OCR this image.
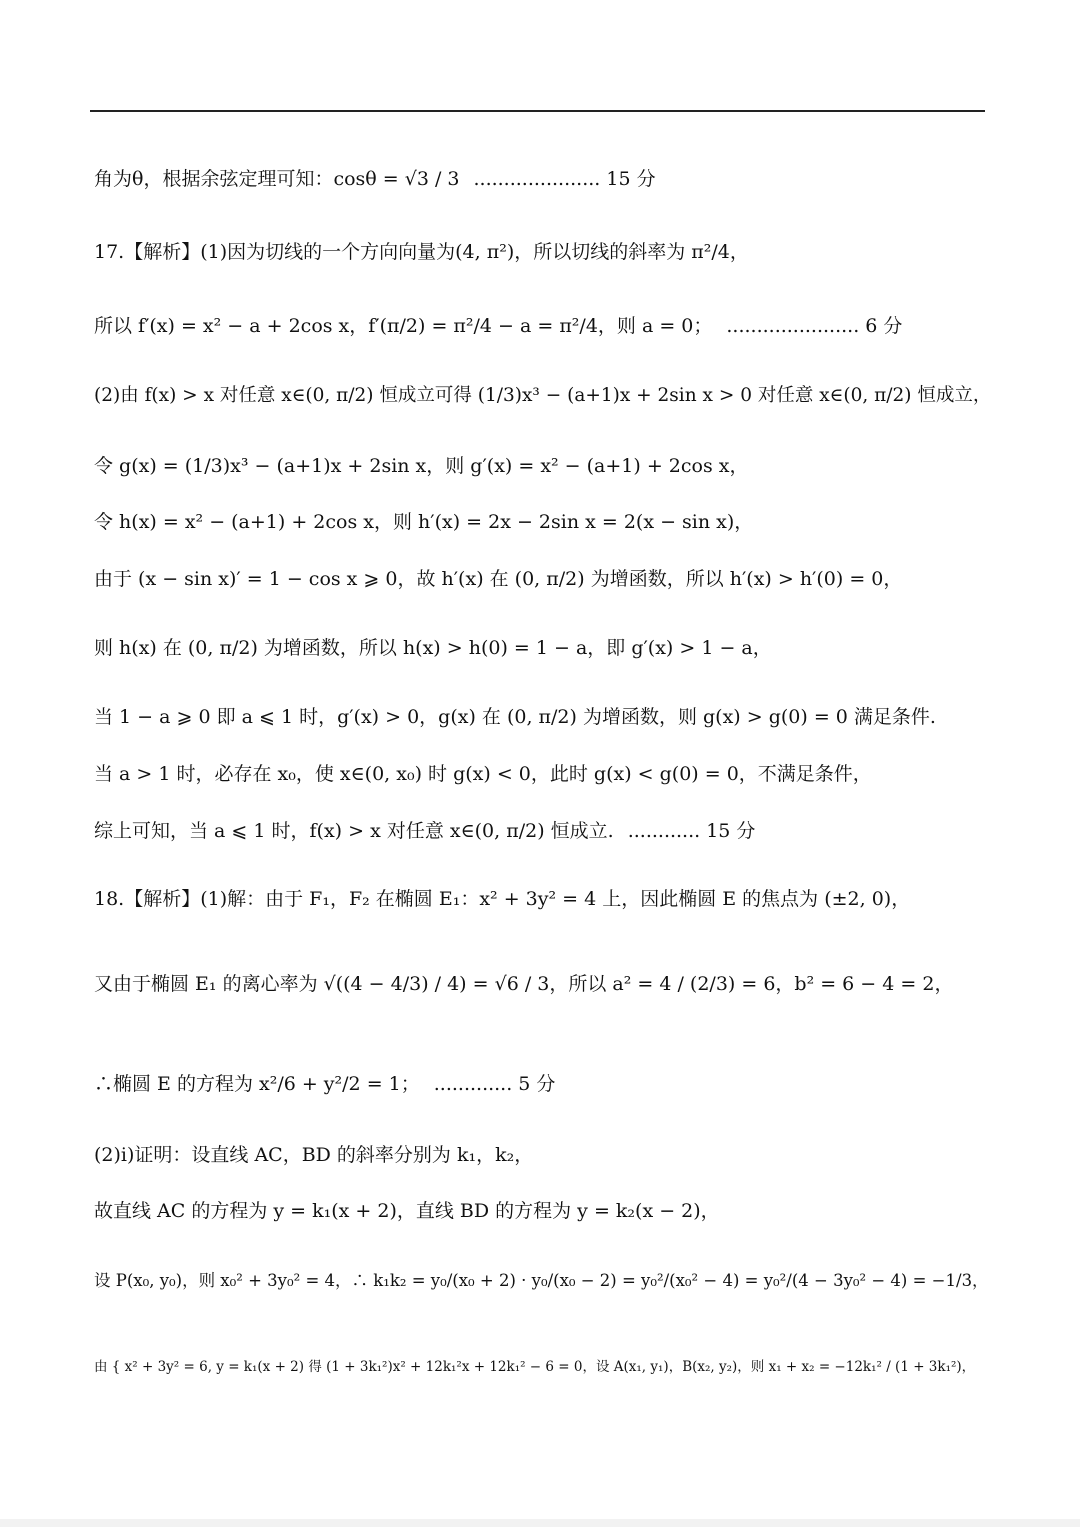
角为θ，根据余弦定理可知：cosθ = √3 / 3 ..................... 15 分
17.【解析】(1)因为切线的一个方向向量为(4, π²)，所以切线的斜率为 π²/4，
所以 f′(x) = x² − a + 2cos x，f′(π/2) = π²/4 − a = π²/4，则 a = 0； ...................... 6 分
(2)由 f(x) > x 对任意 x∈(0, π/2) 恒成立可得 (1/3)x³ − (a+1)x + 2sin x > 0 对任意 x∈(0, π/2) 恒成立，
令 g(x) = (1/3)x³ − (a+1)x + 2sin x，则 g′(x) = x² − (a+1) + 2cos x，
令 h(x) = x² − (a+1) + 2cos x，则 h′(x) = 2x − 2sin x = 2(x − sin x)，
由于 (x − sin x)′ = 1 − cos x ⩾ 0，故 h′(x) 在 (0, π/2) 为增函数，所以 h′(x) > h′(0) = 0，
则 h(x) 在 (0, π/2) 为增函数，所以 h(x) > h(0) = 1 − a，即 g′(x) > 1 − a，
当 1 − a ⩾ 0 即 a ⩽ 1 时，g′(x) > 0，g(x) 在 (0, π/2) 为增函数，则 g(x) > g(0) = 0 满足条件.
当 a > 1 时，必存在 x₀，使 x∈(0, x₀) 时 g(x) < 0，此时 g(x) < g(0) = 0，不满足条件，
综上可知，当 a ⩽ 1 时，f(x) > x 对任意 x∈(0, π/2) 恒成立. ............ 15 分
18.【解析】(1)解：由于 F₁，F₂ 在椭圆 E₁：x² + 3y² = 4 上，因此椭圆 E 的焦点为 (±2, 0)，
又由于椭圆 E₁ 的离心率为 √((4 − 4/3) / 4) = √6 / 3，所以 a² = 4 / (2/3) = 6，b² = 6 − 4 = 2，
∴椭圆 E 的方程为 x²/6 + y²/2 = 1； ............. 5 分
(2)i)证明：设直线 AC，BD 的斜率分别为 k₁，k₂，
故直线 AC 的方程为 y = k₁(x + 2)，直线 BD 的方程为 y = k₂(x − 2)，
设 P(x₀, y₀)，则 x₀² + 3y₀² = 4，∴ k₁k₂ = y₀/(x₀ + 2) · y₀/(x₀ − 2) = y₀²/(x₀² − 4) = y₀²/(4 − 3y₀² − 4) = −1/3，
由 { x² + 3y² = 6, y = k₁(x + 2) 得 (1 + 3k₁²)x² + 12k₁²x + 12k₁² − 6 = 0，设 A(x₁, y₁)，B(x₂, y₂)，则 x₁ + x₂ = −12k₁² / (1 + 3k₁²)，
